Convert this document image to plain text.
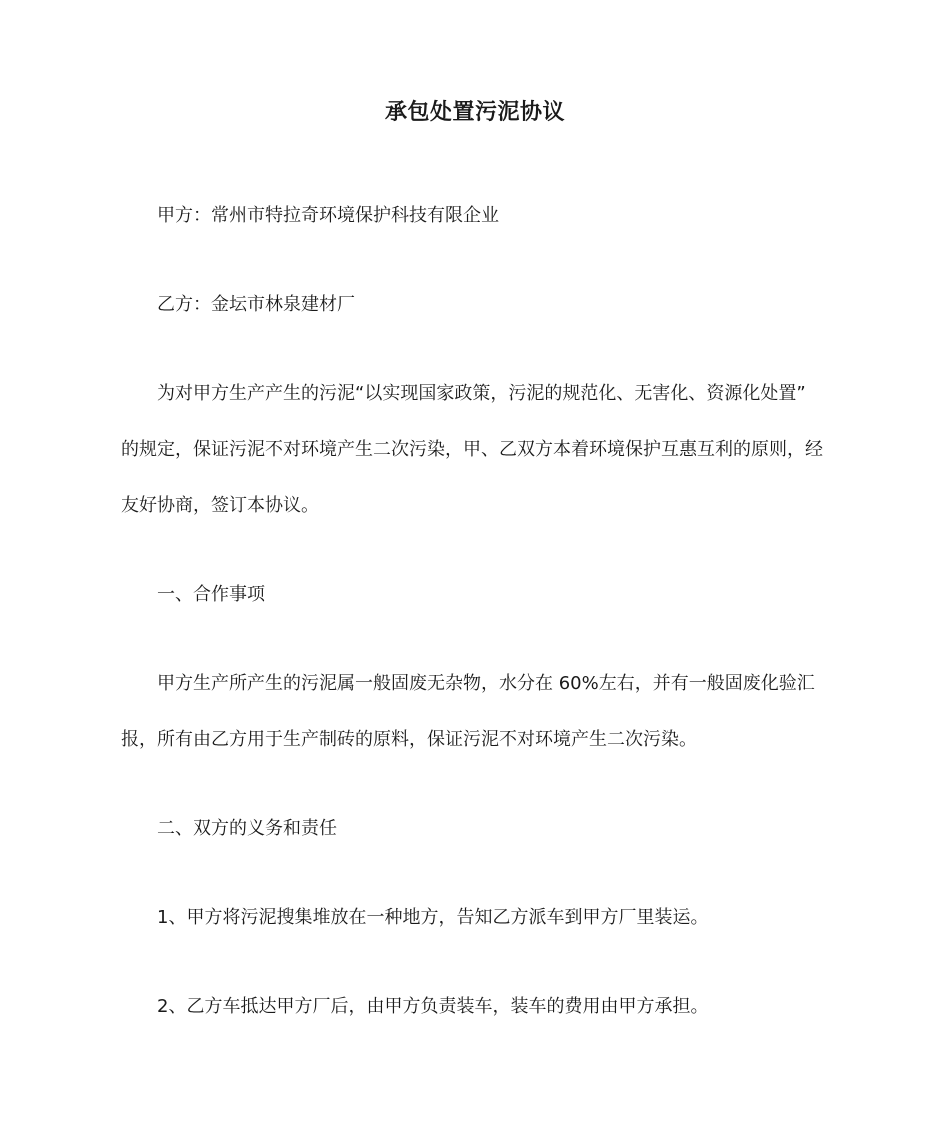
承包处置污泥协议
甲方：常州市特拉奇环境保护科技有限企业
乙方：金坛市林泉建材厂
为对甲方生产产生的污泥“以实现国家政策，污泥的规范化、无害化、资源化处置”
的规定，保证污泥不对环境产生二次污染，甲、乙双方本着环境保护互惠互利的原则，经
友好协商，签订本协议。
一、合作事项
甲方生产所产生的污泥属一般固废无杂物，水分在 60%左右，并有一般固废化验汇
报，所有由乙方用于生产制砖的原料，保证污泥不对环境产生二次污染。
二、双方的义务和责任
1、甲方将污泥搜集堆放在一种地方，告知乙方派车到甲方厂里装运。
2、乙方车抵达甲方厂后，由甲方负责装车，装车的费用由甲方承担。
